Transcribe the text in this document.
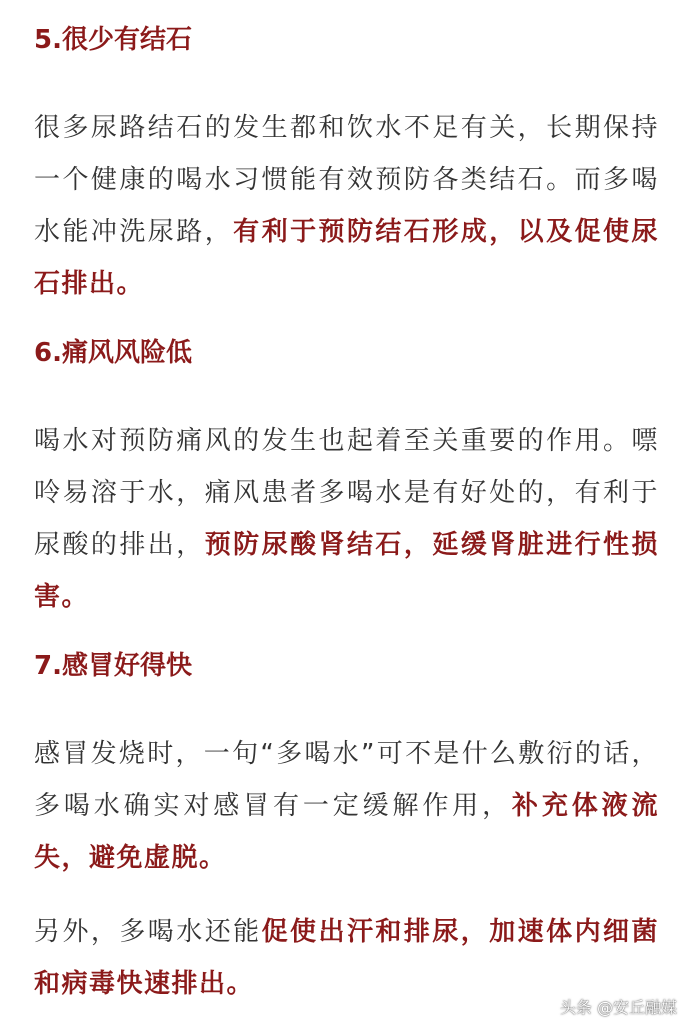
5.很少有结石

很多尿路结石的发生都和饮水不足有关，长期保持一个健康的喝水习惯能有效预防各类结石。而多喝水能冲洗尿路，有利于预防结石形成，以及促使尿石排出。

6.痛风风险低

喝水对预防痛风的发生也起着至关重要的作用。嘌呤易溶于水，痛风患者多喝水是有好处的，有利于尿酸的排出，预防尿酸肾结石，延缓肾脏进行性损害。

7.感冒好得快

感冒发烧时，一句“多喝水”可不是什么敷衍的话，多喝水确实对感冒有一定缓解作用，补充体液流失，避免虚脱。

另外，多喝水还能促使出汗和排尿，加速体内细菌和病毒快速排出。

头条 @安丘融媒
